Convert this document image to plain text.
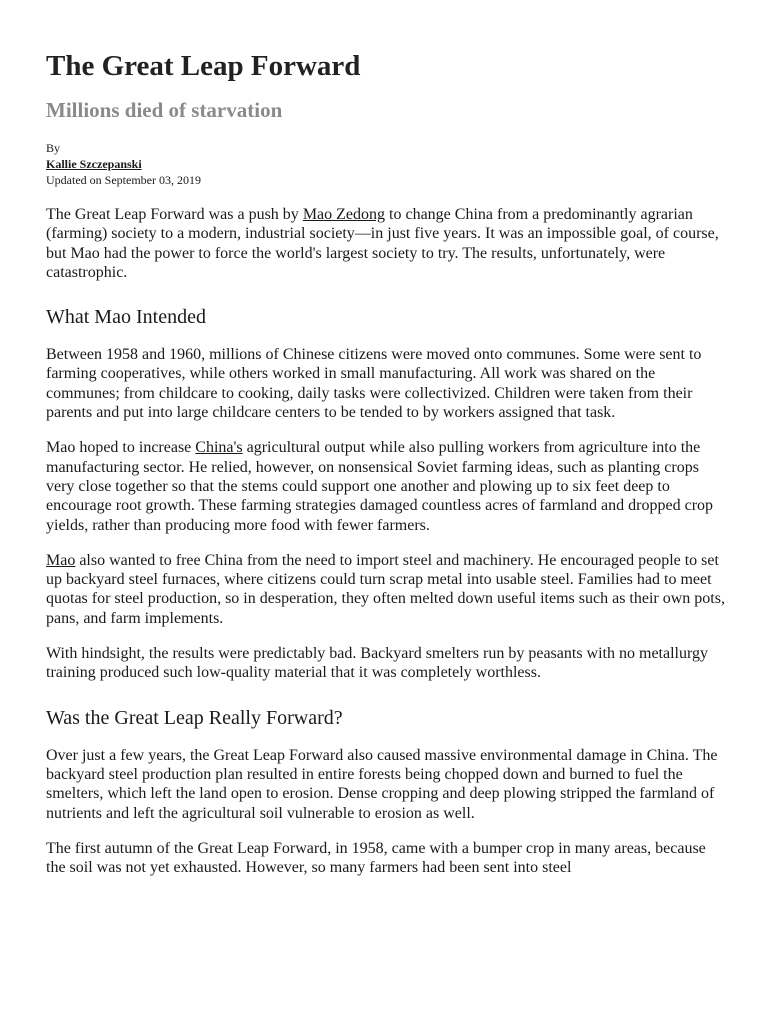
The Great Leap Forward
Millions died of starvation
By
Kallie Szczepanski
Updated on September 03, 2019

The Great Leap Forward was a push by Mao Zedong to change China from a predominantly agrarian (farming) society to a modern, industrial society—in just five years. It was an impossible goal, of course, but Mao had the power to force the world's largest society to try. The results, unfortunately, were catastrophic.

What Mao Intended

Between 1958 and 1960, millions of Chinese citizens were moved onto communes. Some were sent to farming cooperatives, while others worked in small manufacturing. All work was shared on the communes; from childcare to cooking, daily tasks were collectivized. Children were taken from their parents and put into large childcare centers to be tended to by workers assigned that task.

Mao hoped to increase China's agricultural output while also pulling workers from agriculture into the manufacturing sector. He relied, however, on nonsensical Soviet farming ideas, such as planting crops very close together so that the stems could support one another and plowing up to six feet deep to encourage root growth. These farming strategies damaged countless acres of farmland and dropped crop yields, rather than producing more food with fewer farmers.

Mao also wanted to free China from the need to import steel and machinery. He encouraged people to set up backyard steel furnaces, where citizens could turn scrap metal into usable steel. Families had to meet quotas for steel production, so in desperation, they often melted down useful items such as their own pots, pans, and farm implements.

With hindsight, the results were predictably bad. Backyard smelters run by peasants with no metallurgy training produced such low-quality material that it was completely worthless.

Was the Great Leap Really Forward?

Over just a few years, the Great Leap Forward also caused massive environmental damage in China. The backyard steel production plan resulted in entire forests being chopped down and burned to fuel the smelters, which left the land open to erosion. Dense cropping and deep plowing stripped the farmland of nutrients and left the agricultural soil vulnerable to erosion as well.

The first autumn of the Great Leap Forward, in 1958, came with a bumper crop in many areas, because the soil was not yet exhausted. However, so many farmers had been sent into steel
